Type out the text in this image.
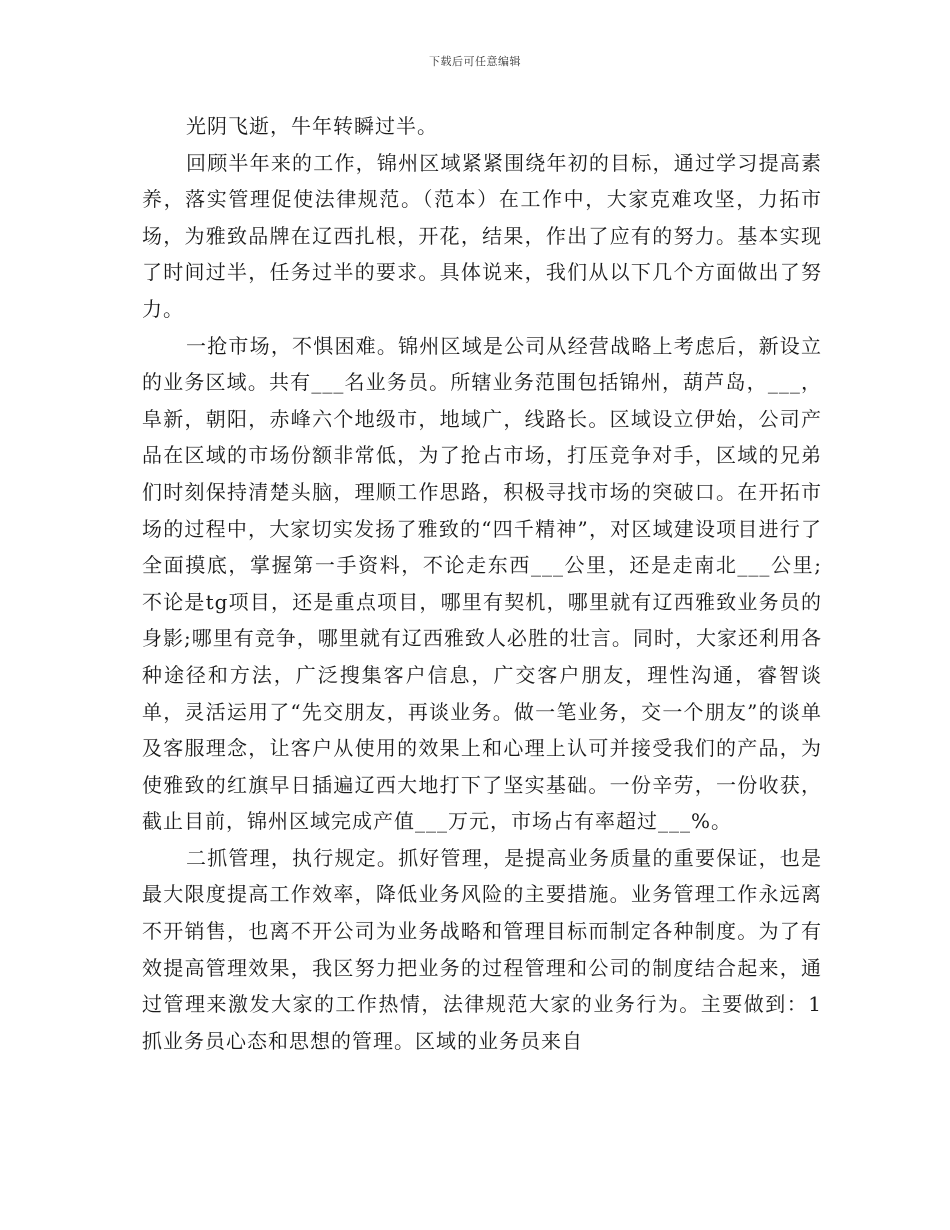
下载后可任意编辑

光阴飞逝，牛年转瞬过半。

回顾半年来的工作，锦州区域紧紧围绕年初的目标，通过学习提高素养，落实管理促使法律规范。（范本）在工作中，大家克难攻坚，力拓市场，为雅致品牌在辽西扎根，开花，结果，作出了应有的努力。基本实现了时间过半，任务过半的要求。具体说来，我们从以下几个方面做出了努力。

一抢市场，不惧困难。锦州区域是公司从经营战略上考虑后，新设立的业务区域。共有___名业务员。所辖业务范围包括锦州，葫芦岛，___，阜新，朝阳，赤峰六个地级市，地域广，线路长。区域设立伊始，公司产品在区域的市场份额非常低，为了抢占市场，打压竞争对手，区域的兄弟们时刻保持清楚头脑，理顺工作思路，积极寻找市场的突破口。在开拓市场的过程中，大家切实发扬了雅致的“四千精神”，对区域建设项目进行了全面摸底，掌握第一手资料，不论走东西___公里，还是走南北___公里;不论是tg项目，还是重点项目，哪里有契机，哪里就有辽西雅致业务员的身影;哪里有竞争，哪里就有辽西雅致人必胜的壮言。同时，大家还利用各种途径和方法，广泛搜集客户信息，广交客户朋友，理性沟通，睿智谈单，灵活运用了“先交朋友，再谈业务。做一笔业务，交一个朋友”的谈单及客服理念，让客户从使用的效果上和心理上认可并接受我们的产品，为使雅致的红旗早日插遍辽西大地打下了坚实基础。一份辛劳，一份收获，截止目前，锦州区域完成产值___万元，市场占有率超过___%。

二抓管理，执行规定。抓好管理，是提高业务质量的重要保证，也是最大限度提高工作效率，降低业务风险的主要措施。业务管理工作永远离不开销售，也离不开公司为业务战略和管理目标而制定各种制度。为了有效提高管理效果，我区努力把业务的过程管理和公司的制度结合起来，通过管理来激发大家的工作热情，法律规范大家的业务行为。主要做到：1抓业务员心态和思想的管理。区域的业务员来自
